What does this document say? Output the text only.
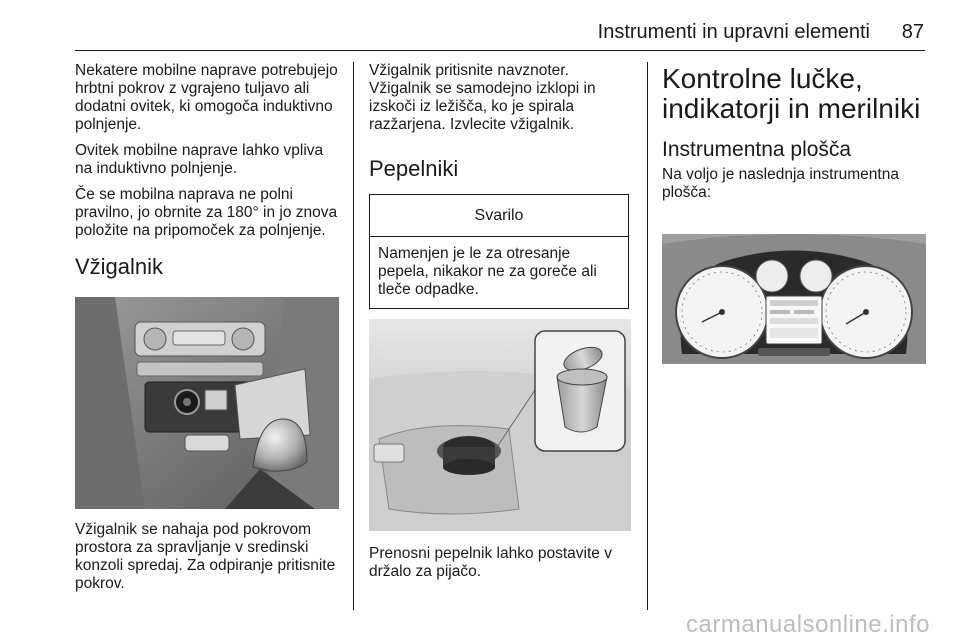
Instrumenti in upravni elementi	87

Nekatere mobilne naprave potrebujejo hrbtni pokrov z vgrajeno tuljavo ali dodatni ovitek, ki omogoča induktivno polnjenje.

Ovitek mobilne naprave lahko vpliva na induktivno polnjenje.

Če se mobilna naprava ne polni pravilno, jo obrnite za 180° in jo znova položite na pripomoček za polnjenje.

Vžigalnik

Vžigalnik se nahaja pod pokrovom prostora za spravljanje v sredinski konzoli spredaj. Za odpiranje pritisnite pokrov.

Vžigalnik pritisnite navznoter. Vžigalnik se samodejno izklopi in izskoči iz ležišča, ko je spirala razžarjena. Izvlecite vžigalnik.

Pepelniki
Svarilo
Namenjen je le za otresanje pepela, nikakor ne za goreče ali tleče odpadke.

Prenosni pepelnik lahko postavite v držalo za pijačo.

Kontrolne lučke, indikatorji in merilniki
Instrumentna plošča

Na voljo je naslednja instrumentna plošča:

carmanualsonline.info
